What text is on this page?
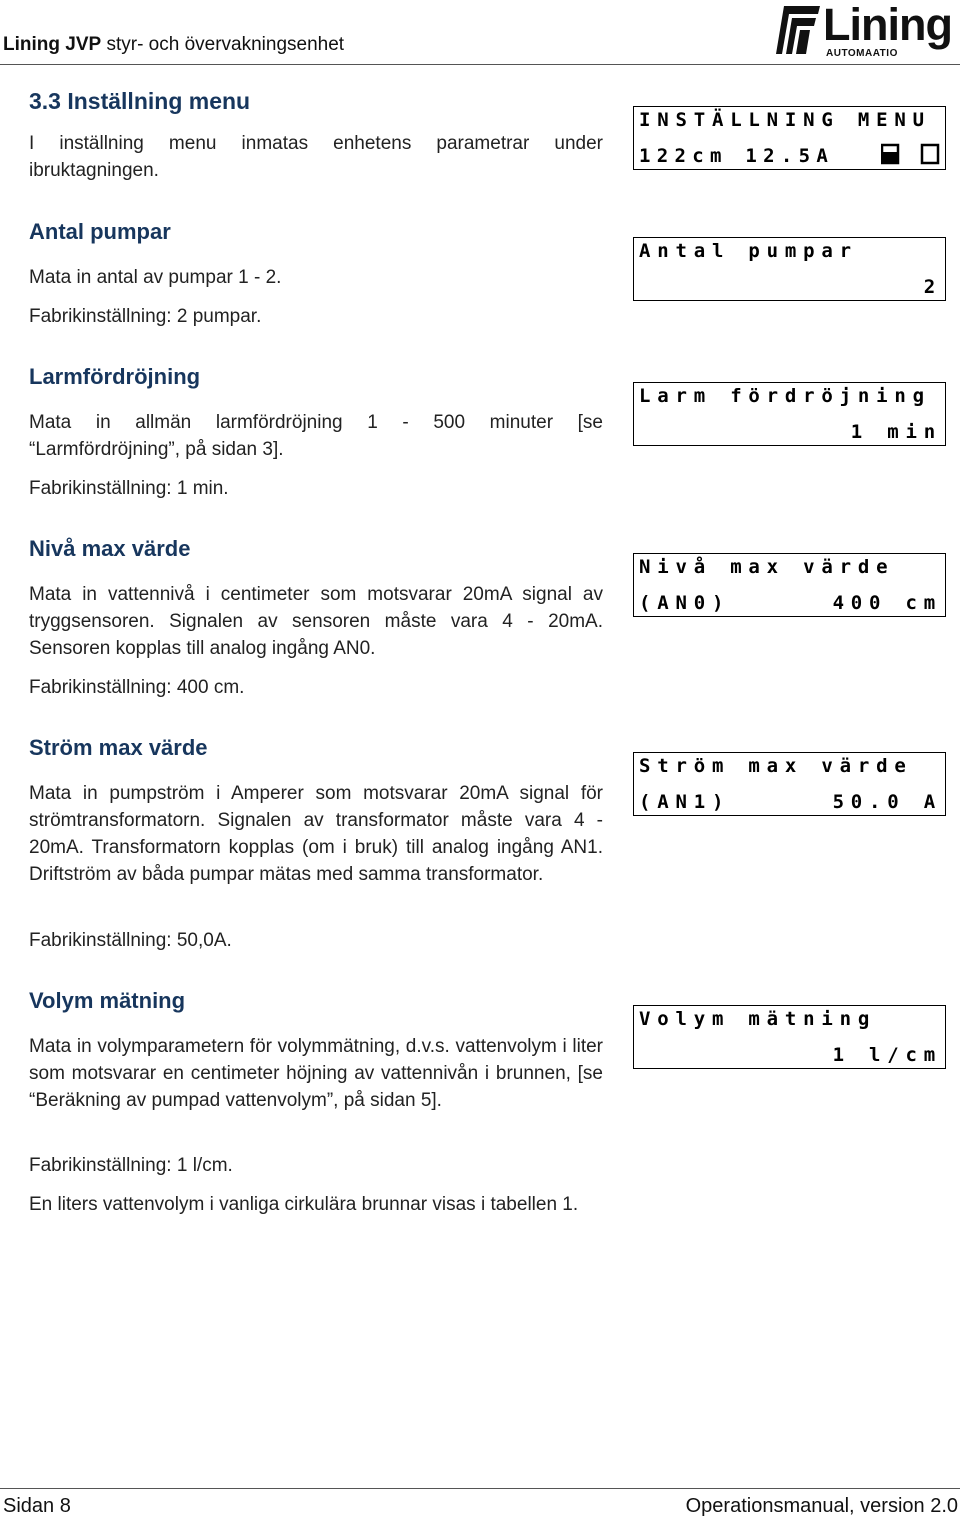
Lining JVP styr- och övervakningsenhet	Lining
AUTOMAATIO
3.3 Inställning menu
I inställning menu inmatas enhetens parametrar under ibruktagningen.
INSTÄLLNING MENU
122cm 12.5A
Antal pumpar
Mata in antal av pumpar 1 - 2.
Fabrikinställning: 2 pumpar.
Antal pumpar
2
Larmfördröjning
Mata in allmän larmfördröjning 1 - 500 minuter [se “Larmfördröjning”, på sidan 3].
Fabrikinställning: 1 min.
Larm fördröjning
1 min
Nivå max värde
Mata in vattennivå i centimeter som motsvarar 20mA signal av tryggsensoren. Signalen av sensoren måste vara 4 - 20mA. Sensoren kopplas till analog ingång AN0.
Fabrikinställning: 400 cm.
Nivå max värde
(AN0)	400 cm
Ström max värde
Mata in pumpström i Amperer som motsvarar 20mA signal för strömtransformatorn. Signalen av transformator måste vara 4 - 20mA. Transformatorn kopplas (om i bruk) till analog ingång AN1. Driftström av båda pumpar mätas med samma transformator.
Fabrikinställning: 50,0A.
Ström max värde
(AN1)	50.0 A
Volym mätning
Mata in volymparametern för volymmätning, d.v.s. vattenvolym i liter som motsvarar en centimeter höjning av vattennivån i brunnen, [se “Beräkning av pumpad vattenvolym”, på sidan 5].
Fabrikinställning: 1 l/cm.
En liters vattenvolym i vanliga cirkulära brunnar visas i tabellen 1.
Volym mätning
1 l/cm
Sidan 8	Operationsmanual, version 2.0
